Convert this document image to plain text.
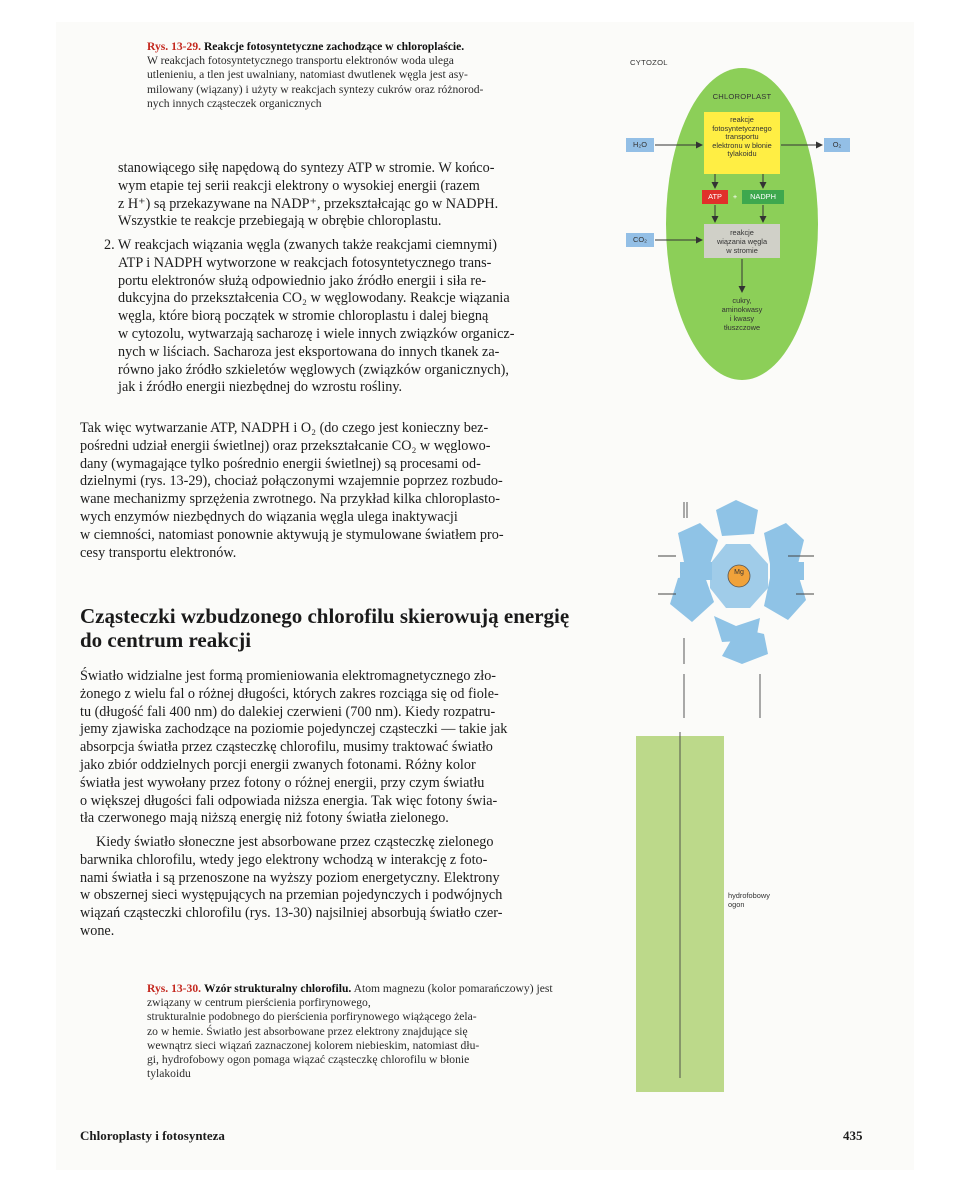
Rys. 13-29. Reakcje fotosyntetyczne zachodzące w chloroplaście.
W reakcjach fotosyntetycznego transportu elektronów woda ulega
utlenieniu, a tlen jest uwalniany, natomiast dwutlenek węgla jest asy-
milowany (wiązany) i użyty w reakcjach syntezy cukrów oraz różnorod-
nych innych cząsteczek organicznych
stanowiącego siłę napędową do syntezy ATP w stromie. W końco-
wym etapie tej serii reakcji elektrony o wysokiej energii (razem
z H⁺) są przekazywane na NADP⁺, przekształcając go w NADPH.
Wszystkie te reakcje przebiegają w obrębie chloroplastu.
2. W reakcjach wiązania węgla (zwanych także reakcjami ciemnymi)
ATP i NADPH wytworzone w reakcjach fotosyntetycznego trans-
portu elektronów służą odpowiednio jako źródło energii i siła re-
dukcyjna do przekształcenia CO₂ w węglowodany. Reakcje wiązania
węgla, które biorą początek w stromie chloroplastu i dalej biegną
w cytozolu, wytwarzają sacharozę i wiele innych związków organicz-
nych w liściach. Sacharoza jest eksportowana do innych tkanek za-
równo jako źródło szkieletów węglowych (związków organicznych),
jak i źródło energii niezbędnej do wzrostu rośliny.
Tak więc wytwarzanie ATP, NADPH i O₂ (do czego jest konieczny bez-
pośredni udział energii świetlnej) oraz przekształcanie CO₂ w węglowo-
dany (wymagające tylko pośrednio energii świetlnej) są procesami od-
dzielnymi (rys. 13-29), chociaż połączonymi wzajemnie poprzez rozbudo-
wane mechanizmy sprzężenia zwrotnego. Na przykład kilka chloroplasto-
wych enzymów niezbędnych do wiązania węgla ulega inaktywacji
w ciemności, natomiast ponownie aktywują je stymulowane światłem pro-
cesy transportu elektronów.
Cząsteczki wzbudzonego chlorofilu skierowują energię
do centrum reakcji
Światło widzialne jest formą promieniowania elektromagnetycznego zło-
żonego z wielu fal o różnej długości, których zakres rozciąga się od fiole-
tu (długość fali 400 nm) do dalekiej czerwieni (700 nm). Kiedy rozpatru-
jemy zjawiska zachodzące na poziomie pojedynczej cząsteczki — takie jak
absorpcja światła przez cząsteczkę chlorofilu, musimy traktować światło
jako zbiór oddzielnych porcji energii zwanych fotonami. Różny kolor
światła jest wywołany przez fotony o różnej energii, przy czym światłu
o większej długości fali odpowiada niższa energia. Tak więc fotony świa-
tła czerwonego mają niższą energię niż fotony światła zielonego.
Kiedy światło słoneczne jest absorbowane przez cząsteczkę zielonego
barwnika chlorofilu, wtedy jego elektrony wchodzą w interakcję z foto-
nami światła i są przenoszone na wyższy poziom energetyczny. Elektrony
w obszernej sieci występujących na przemian pojedynczych i podwójnych
wiązań cząsteczki chlorofilu (rys. 13-30) najsilniej absorbują światło czer-
wone.
Rys. 13-30. Wzór strukturalny chlorofilu. Atom magnezu (kolor pomarańczowy) jest związany w centrum pierścienia porfirynowego,
strukturalnie podobnego do pierścienia porfirynowego wiążącego żela-
zo w hemie. Światło jest absorbowane przez elektrony znajdujące się
wewnątrz sieci wiązań zaznaczonej kolorem niebieskim, natomiast dłu-
gi, hydrofobowy ogon pomaga wiązać cząsteczkę chlorofilu w błonie
tylakoidu
Chloroplasty i fotosynteza	435
CYTOZOL
CHLOROPLAST
reakcje
fotosyntetycznego
transportu
elektronu w błonie
tylakoidu
H₂O	O₂
CO₂
ATP	+	NADPH
reakcje
wiązania węgla
w stromie
cukry,
aminokwasy
i kwasy
tłuszczowe
Mg
hydrofobowy
ogon
